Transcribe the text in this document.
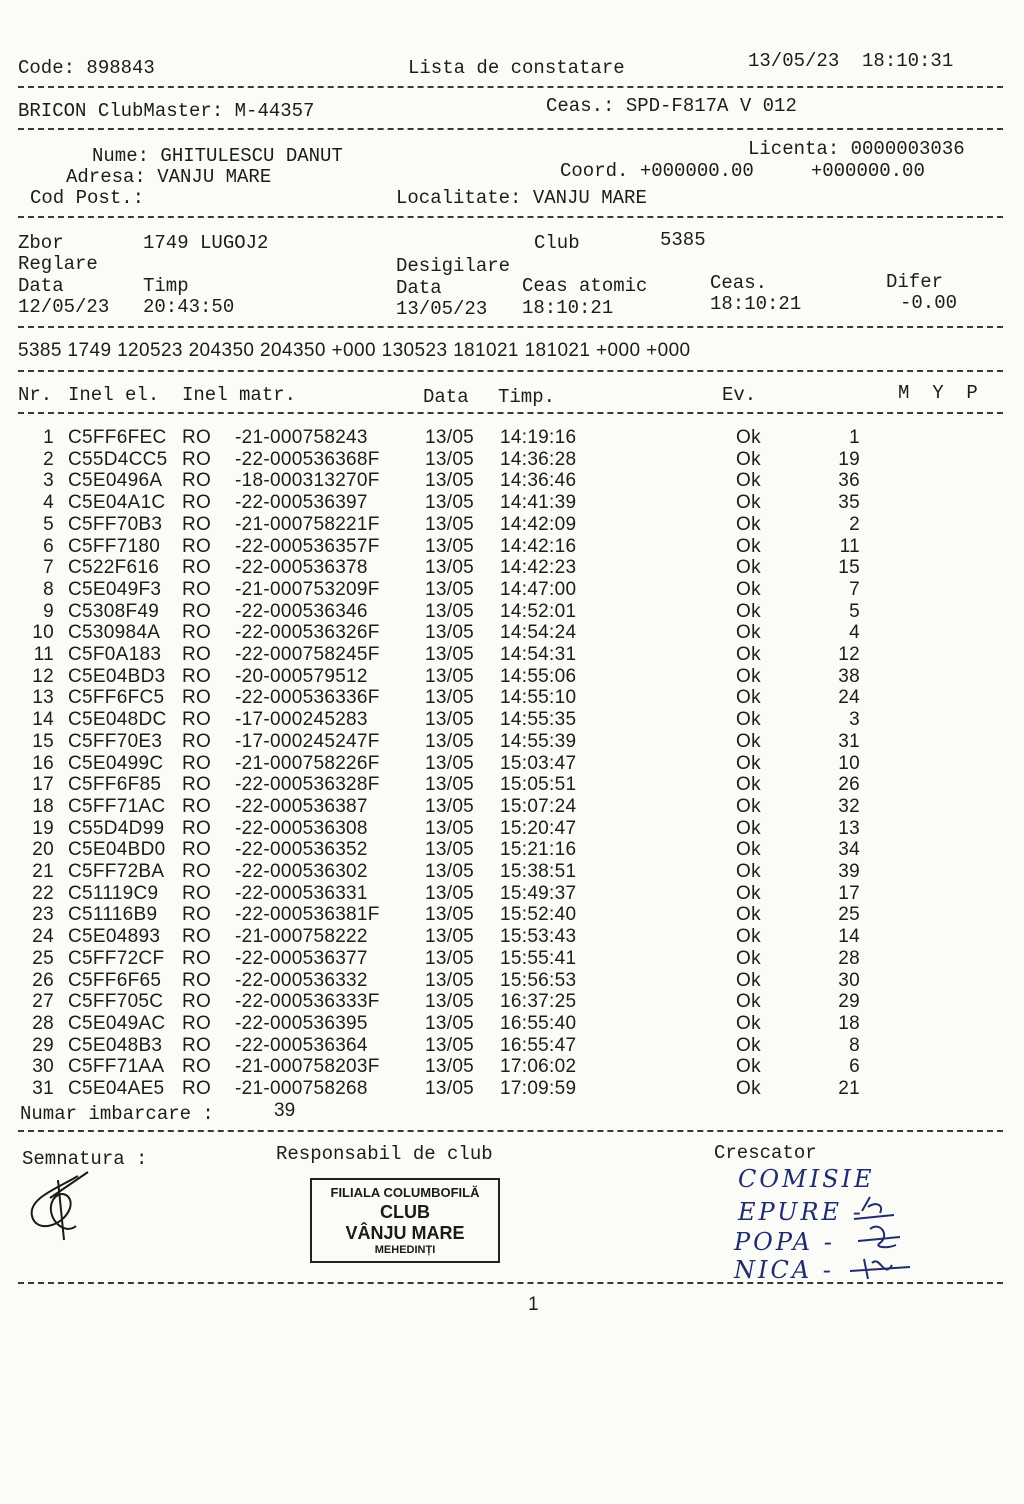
Code: 898843	Lista de constatare	13/05/23  18:10:31
BRICON ClubMaster: M-44357	Ceas.: SPD-F817A V 012
Nume: GHITULESCU DANUT	Licenta: 0000003036
Adresa: VANJU MARE	Coord. +000000.00     +000000.00
Cod Post.:	Localitate: VANJU MARE
Zbor	1749 LUGOJ2	Club	5385
Reglare	Desigilare
Data	Timp	Data	Ceas atomic	Ceas.	Difer
12/05/23 20:43:50	13/05/23 18:10:21	18:10:21	-0.00
5385 1749 120523 204350 204350 +000 130523 181021 181021 +000 +000
Nr. Inel el. Inel matr.	Data Timp.	Ev.	M  Y  P
1 C5FF6FEC RO -21-000758243	13/05 14:19:16	Ok	1
2 C55D4CC5 RO -22-000536368F 13/05 14:36:28	Ok	19
3 C5E0496A RO -18-000313270F 13/05 14:36:46	Ok	36
4 C5E04A1C RO -22-000536397	13/05 14:41:39	Ok	35
5 C5FF70B3 RO -21-000758221F 13/05 14:42:09	Ok	2
6 C5FF7180 RO -22-000536357F 13/05 14:42:16	Ok	11
7 C522F616 RO -22-000536378	13/05 14:42:23	Ok	15
8 C5E049F3 RO -21-000753209F 13/05 14:47:00	Ok	7
9 C5308F49 RO -22-000536346	13/05 14:52:01	Ok	5
10 C530984A RO -22-000536326F 13/05 14:54:24	Ok	4
11 C5F0A183 RO -22-000758245F 13/05 14:54:31	Ok	12
12 C5E04BD3 RO -20-000579512	13/05 14:55:06	Ok	38
13 C5FF6FC5 RO -22-000536336F 13/05 14:55:10	Ok	24
14 C5E048DC RO -17-000245283	13/05 14:55:35	Ok	3
15 C5FF70E3 RO -17-000245247F 13/05 14:55:39	Ok	31
16 C5E0499C RO -21-000758226F 13/05 15:03:47	Ok	10
17 C5FF6F85 RO -22-000536328F 13/05 15:05:51	Ok	26
18 C5FF71AC RO -22-000536387	13/05 15:07:24	Ok	32
19 C55D4D99 RO -22-000536308	13/05 15:20:47	Ok	13
20 C5E04BD0 RO -22-000536352	13/05 15:21:16	Ok	34
21 C5FF72BA RO -22-000536302	13/05 15:38:51	Ok	39
22 C51119C9 RO -22-000536331	13/05 15:49:37	Ok	17
23 C51116B9 RO -22-000536381F 13/05 15:52:40	Ok	25
24 C5E04893 RO -21-000758222	13/05 15:53:43	Ok	14
25 C5FF72CF RO -22-000536377	13/05 15:55:41	Ok	28
26 C5FF6F65 RO -22-000536332	13/05 15:56:53	Ok	30
27 C5FF705C RO -22-000536333F 13/05 16:37:25	Ok	29
28 C5E049AC RO -22-000536395	13/05 16:55:40	Ok	18
29 C5E048B3 RO -22-000536364	13/05 16:55:47	Ok	8
30 C5FF71AA RO -21-000758203F 13/05 17:06:02	Ok	6
31 C5E04AE5 RO -21-000758268	13/05 17:09:59	Ok	21
Numar imbarcare :	39
Semnatura :	Responsabil de club	Crescator
FILIALA COLUMBOFILĂ
CLUB
VÂNJU MARE
MEHEDINȚI
COMISIE
EPURE -
POPA -
NICA -
1
